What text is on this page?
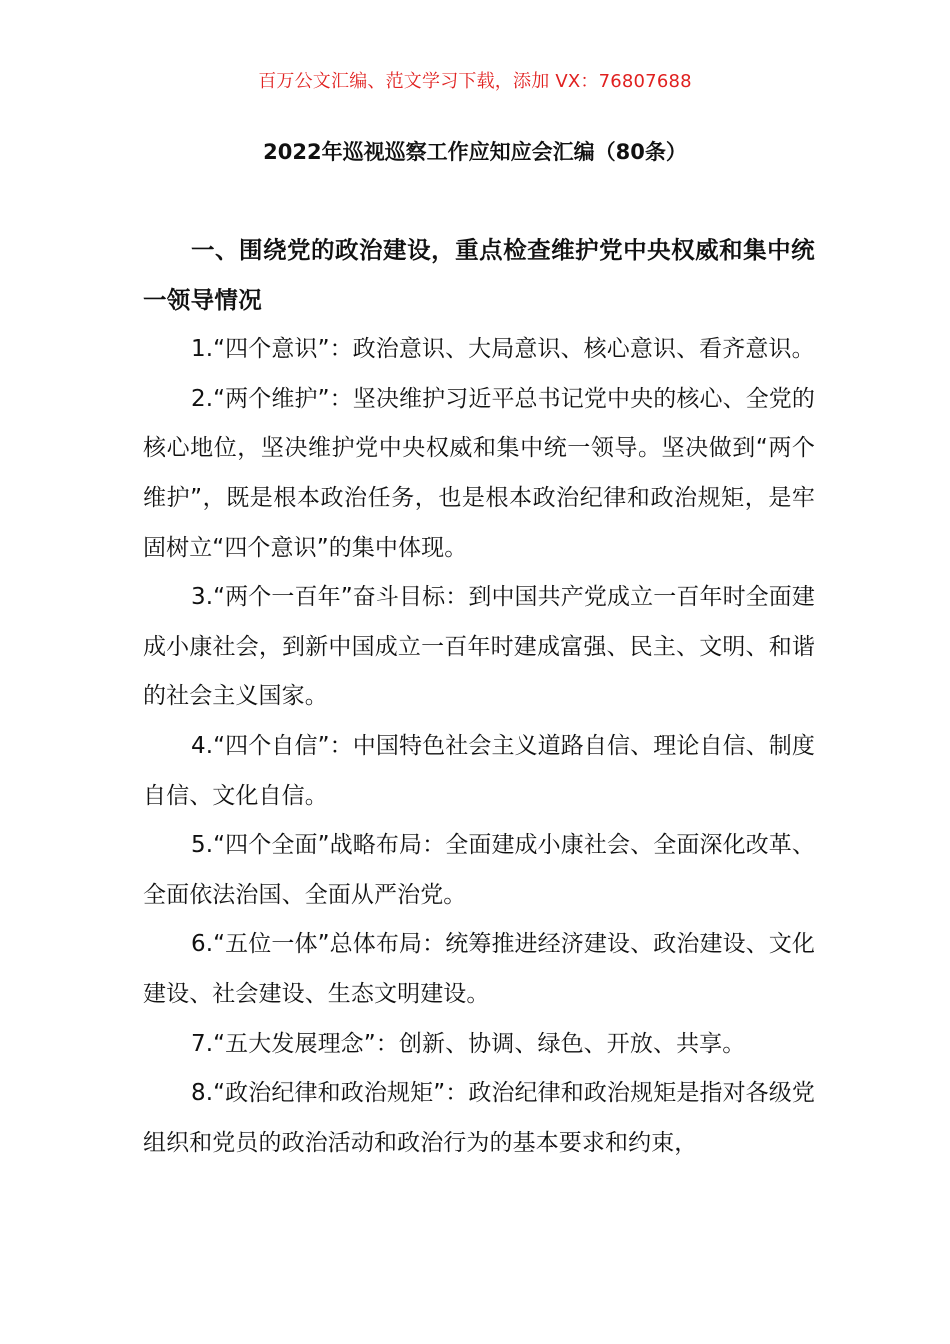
百万公文汇编、范文学习下载，添加 VX：76807688
2022年巡视巡察工作应知应会汇编（80条）

一、围绕党的政治建设，重点检查维护党中央权威和集中统一领导情况

1.“四个意识”：政治意识、大局意识、核心意识、看齐意识。

2.“两个维护”：坚决维护习近平总书记党中央的核心、全党的核心地位，坚决维护党中央权威和集中统一领导。坚决做到“两个维护”，既是根本政治任务，也是根本政治纪律和政治规矩，是牢固树立“四个意识”的集中体现。

3.“两个一百年”奋斗目标：到中国共产党成立一百年时全面建成小康社会，到新中国成立一百年时建成富强、民主、文明、和谐的社会主义国家。

4.“四个自信”：中国特色社会主义道路自信、理论自信、制度自信、文化自信。

5.“四个全面”战略布局：全面建成小康社会、全面深化改革、全面依法治国、全面从严治党。

6.“五位一体”总体布局：统筹推进经济建设、政治建设、文化建设、社会建设、生态文明建设。

7.“五大发展理念”：创新、协调、绿色、开放、共享。

8.“政治纪律和政治规矩”：政治纪律和政治规矩是指对各级党组织和党员的政治活动和政治行为的基本要求和约束，
